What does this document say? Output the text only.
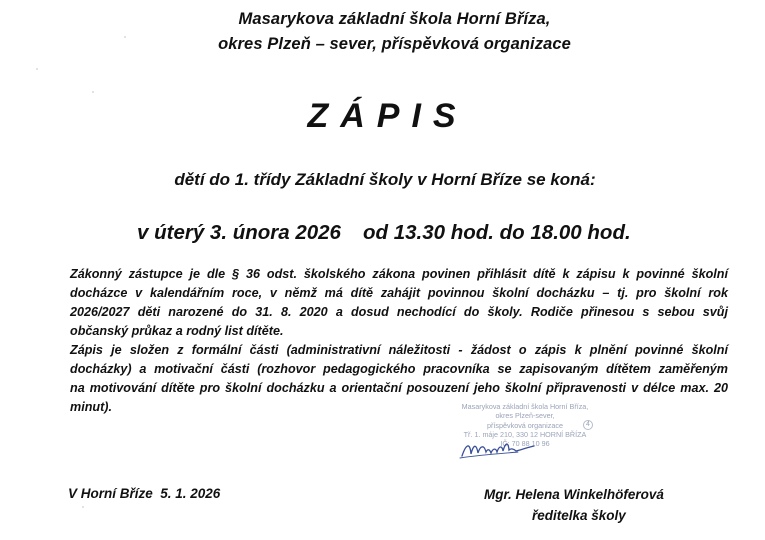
Masarykova základní škola Horní Bříza,
okres Plzeň – sever, příspěvková organizace
ZÁPIS
dětí do 1. třídy Základní školy v Horní Bříze se koná:
v úterý 3. února 2026 od 13.30 hod. do 18.00 hod.
Zákonný zástupce je dle § 36 odst. školského zákona povinen přihlásit dítě k zápisu k povinné školní
docházce v kalendářním roce, v němž má dítě zahájit povinnou školní docházku – tj. pro školní rok
2026/2027 děti narozené do 31. 8. 2020 a dosud nechodící do školy. Rodiče přinesou s sebou svůj
občanský průkaz a rodný list dítěte.
Zápis je složen z formální části (administrativní náležitosti - žádost o zápis k plnění povinné školní
docházky) a motivační části (rozhovor pedagogického pracovníka se zapisovaným dítětem zaměřeným
na motivování dítěte pro školní docházku a orientační posouzení jeho školní připravenosti v délce max. 20
minut).	Masarykova základní škola Horní Bříza,
okres Plzeň-sever,
příspěvková organizace
Tř. 1. máje 210, 330 12 HORNÍ BŘÍZA
IČ: 70 88 10 96
4
V Horní Bříze  5. 1. 2026	Mgr. Helena Winkelhöferová
ředitelka školy
